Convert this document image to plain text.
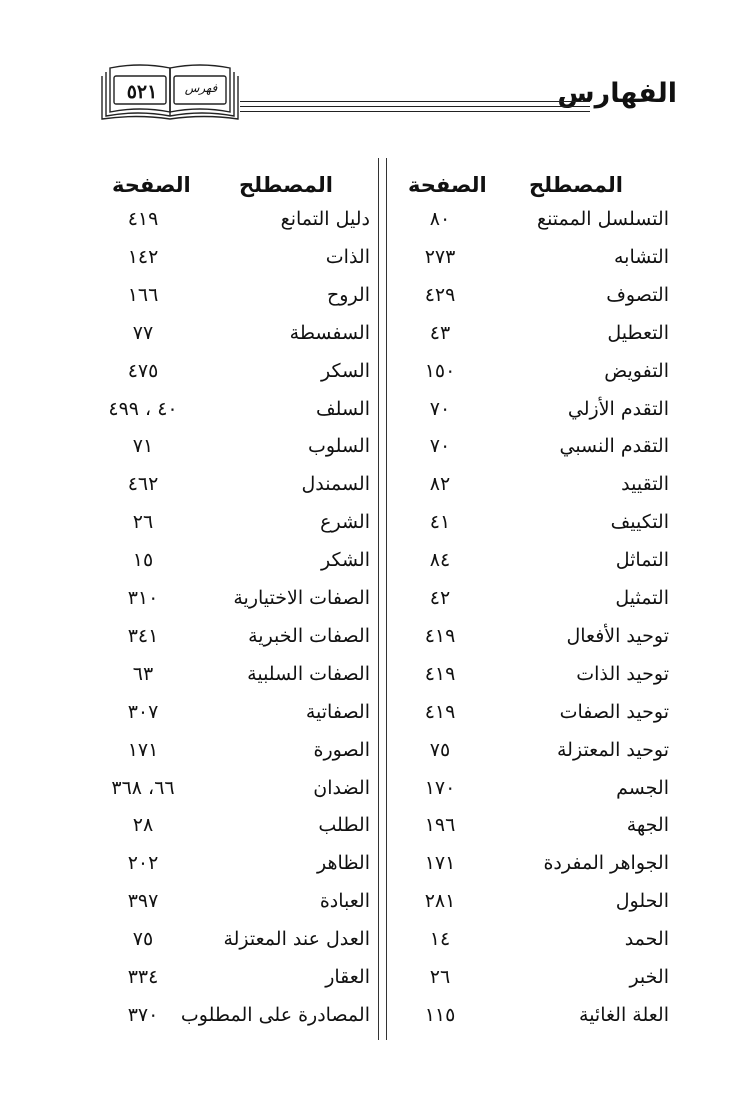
الفهارس
فهرس
٥٢١
المصطلح
الصفحة
المصطلح
الصفحة
التسلسل الممتنع
٨٠
التشابه
٢٧٣
التصوف
٤٢٩
التعطيل
٤٣
التفويض
١٥٠
التقدم الأزلي
٧٠
التقدم النسبي
٧٠
التقييد
٨٢
التكييف
٤١
التماثل
٨٤
التمثيل
٤٢
توحيد الأفعال
٤١٩
توحيد الذات
٤١٩
توحيد الصفات
٤١٩
توحيد المعتزلة
٧٥
الجسم
١٧٠
الجهة
١٩٦
الجواهر المفردة
١٧١
الحلول
٢٨١
الحمد
١٤
الخبر
٢٦
العلة الغائية
١١٥
دليل التمانع
٤١٩
الذات
١٤٢
الروح
١٦٦
السفسطة
٧٧
السكر
٤٧٥
السلف
٤٠ ، ٤٩٩
السلوب
٧١
السمندل
٤٦٢
الشرع
٢٦
الشكر
١٥
الصفات الاختيارية
٣١٠
الصفات الخبرية
٣٤١
الصفات السلبية
٦٣
الصفاتية
٣٠٧
الصورة
١٧١
الضدان
٦٦، ٣٦٨
الطلب
٢٨
الظاهر
٢٠٢
العبادة
٣٩٧
العدل عند المعتزلة
٧٥
العقار
٣٣٤
المصادرة على المطلوب
٣٧٠
